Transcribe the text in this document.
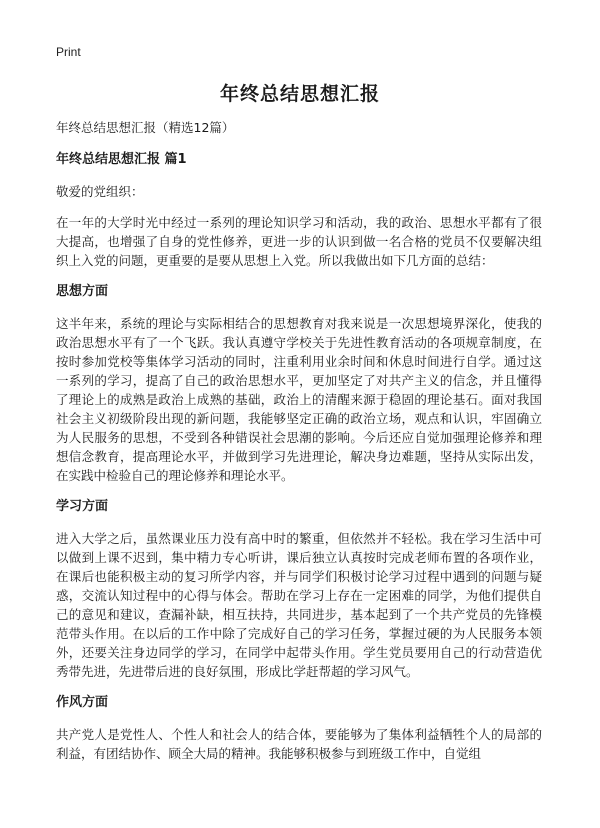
Print
年终总结思想汇报
年终总结思想汇报（精选12篇）
年终总结思想汇报 篇1
敬爱的党组织：
在一年的大学时光中经过一系列的理论知识学习和活动，我的政治、思想水平都有了很大提高，也增强了自身的党性修养，更进一步的认识到做一名合格的党员不仅要解决组织上入党的问题，更重要的是要从思想上入党。所以我做出如下几方面的总结：
思想方面
这半年来，系统的理论与实际相结合的思想教育对我来说是一次思想境界深化，使我的政治思想水平有了一个飞跃。我认真遵守学校关于先进性教育活动的各项规章制度，在按时参加党校等集体学习活动的同时，注重利用业余时间和休息时间进行自学。通过这一系列的学习，提高了自己的政治思想水平，更加坚定了对共产主义的信念，并且懂得了理论上的成熟是政治上成熟的基础，政治上的清醒来源于稳固的理论基石。面对我国社会主义初级阶段出现的新问题，我能够坚定正确的政治立场，观点和认识，牢固确立为人民服务的思想，不受到各种错误社会思潮的影响。今后还应自觉加强理论修养和理想信念教育，提高理论水平，并做到学习先进理论，解决身边难题，坚持从实际出发，在实践中检验自己的理论修养和理论水平。
学习方面
进入大学之后，虽然课业压力没有高中时的繁重，但依然并不轻松。我在学习生活中可以做到上课不迟到，集中精力专心听讲，课后独立认真按时完成老师布置的各项作业，在课后也能积极主动的复习所学内容，并与同学们积极讨论学习过程中遇到的问题与疑惑，交流认知过程中的心得与体会。帮助在学习上存在一定困难的同学，为他们提供自己的意见和建议，查漏补缺，相互扶持，共同进步，基本起到了一个共产党员的先锋模范带头作用。在以后的工作中除了完成好自己的学习任务，掌握过硬的为人民服务本领外，还要关注身边同学的学习，在同学中起带头作用。学生党员要用自己的行动营造优秀带先进，先进带后进的良好氛围，形成比学赶帮超的学习风气。
作风方面
共产党人是党性人、个性人和社会人的结合体，要能够为了集体利益牺牲个人的局部的利益，有团结协作、顾全大局的精神。我能够积极参与到班级工作中，自觉组
